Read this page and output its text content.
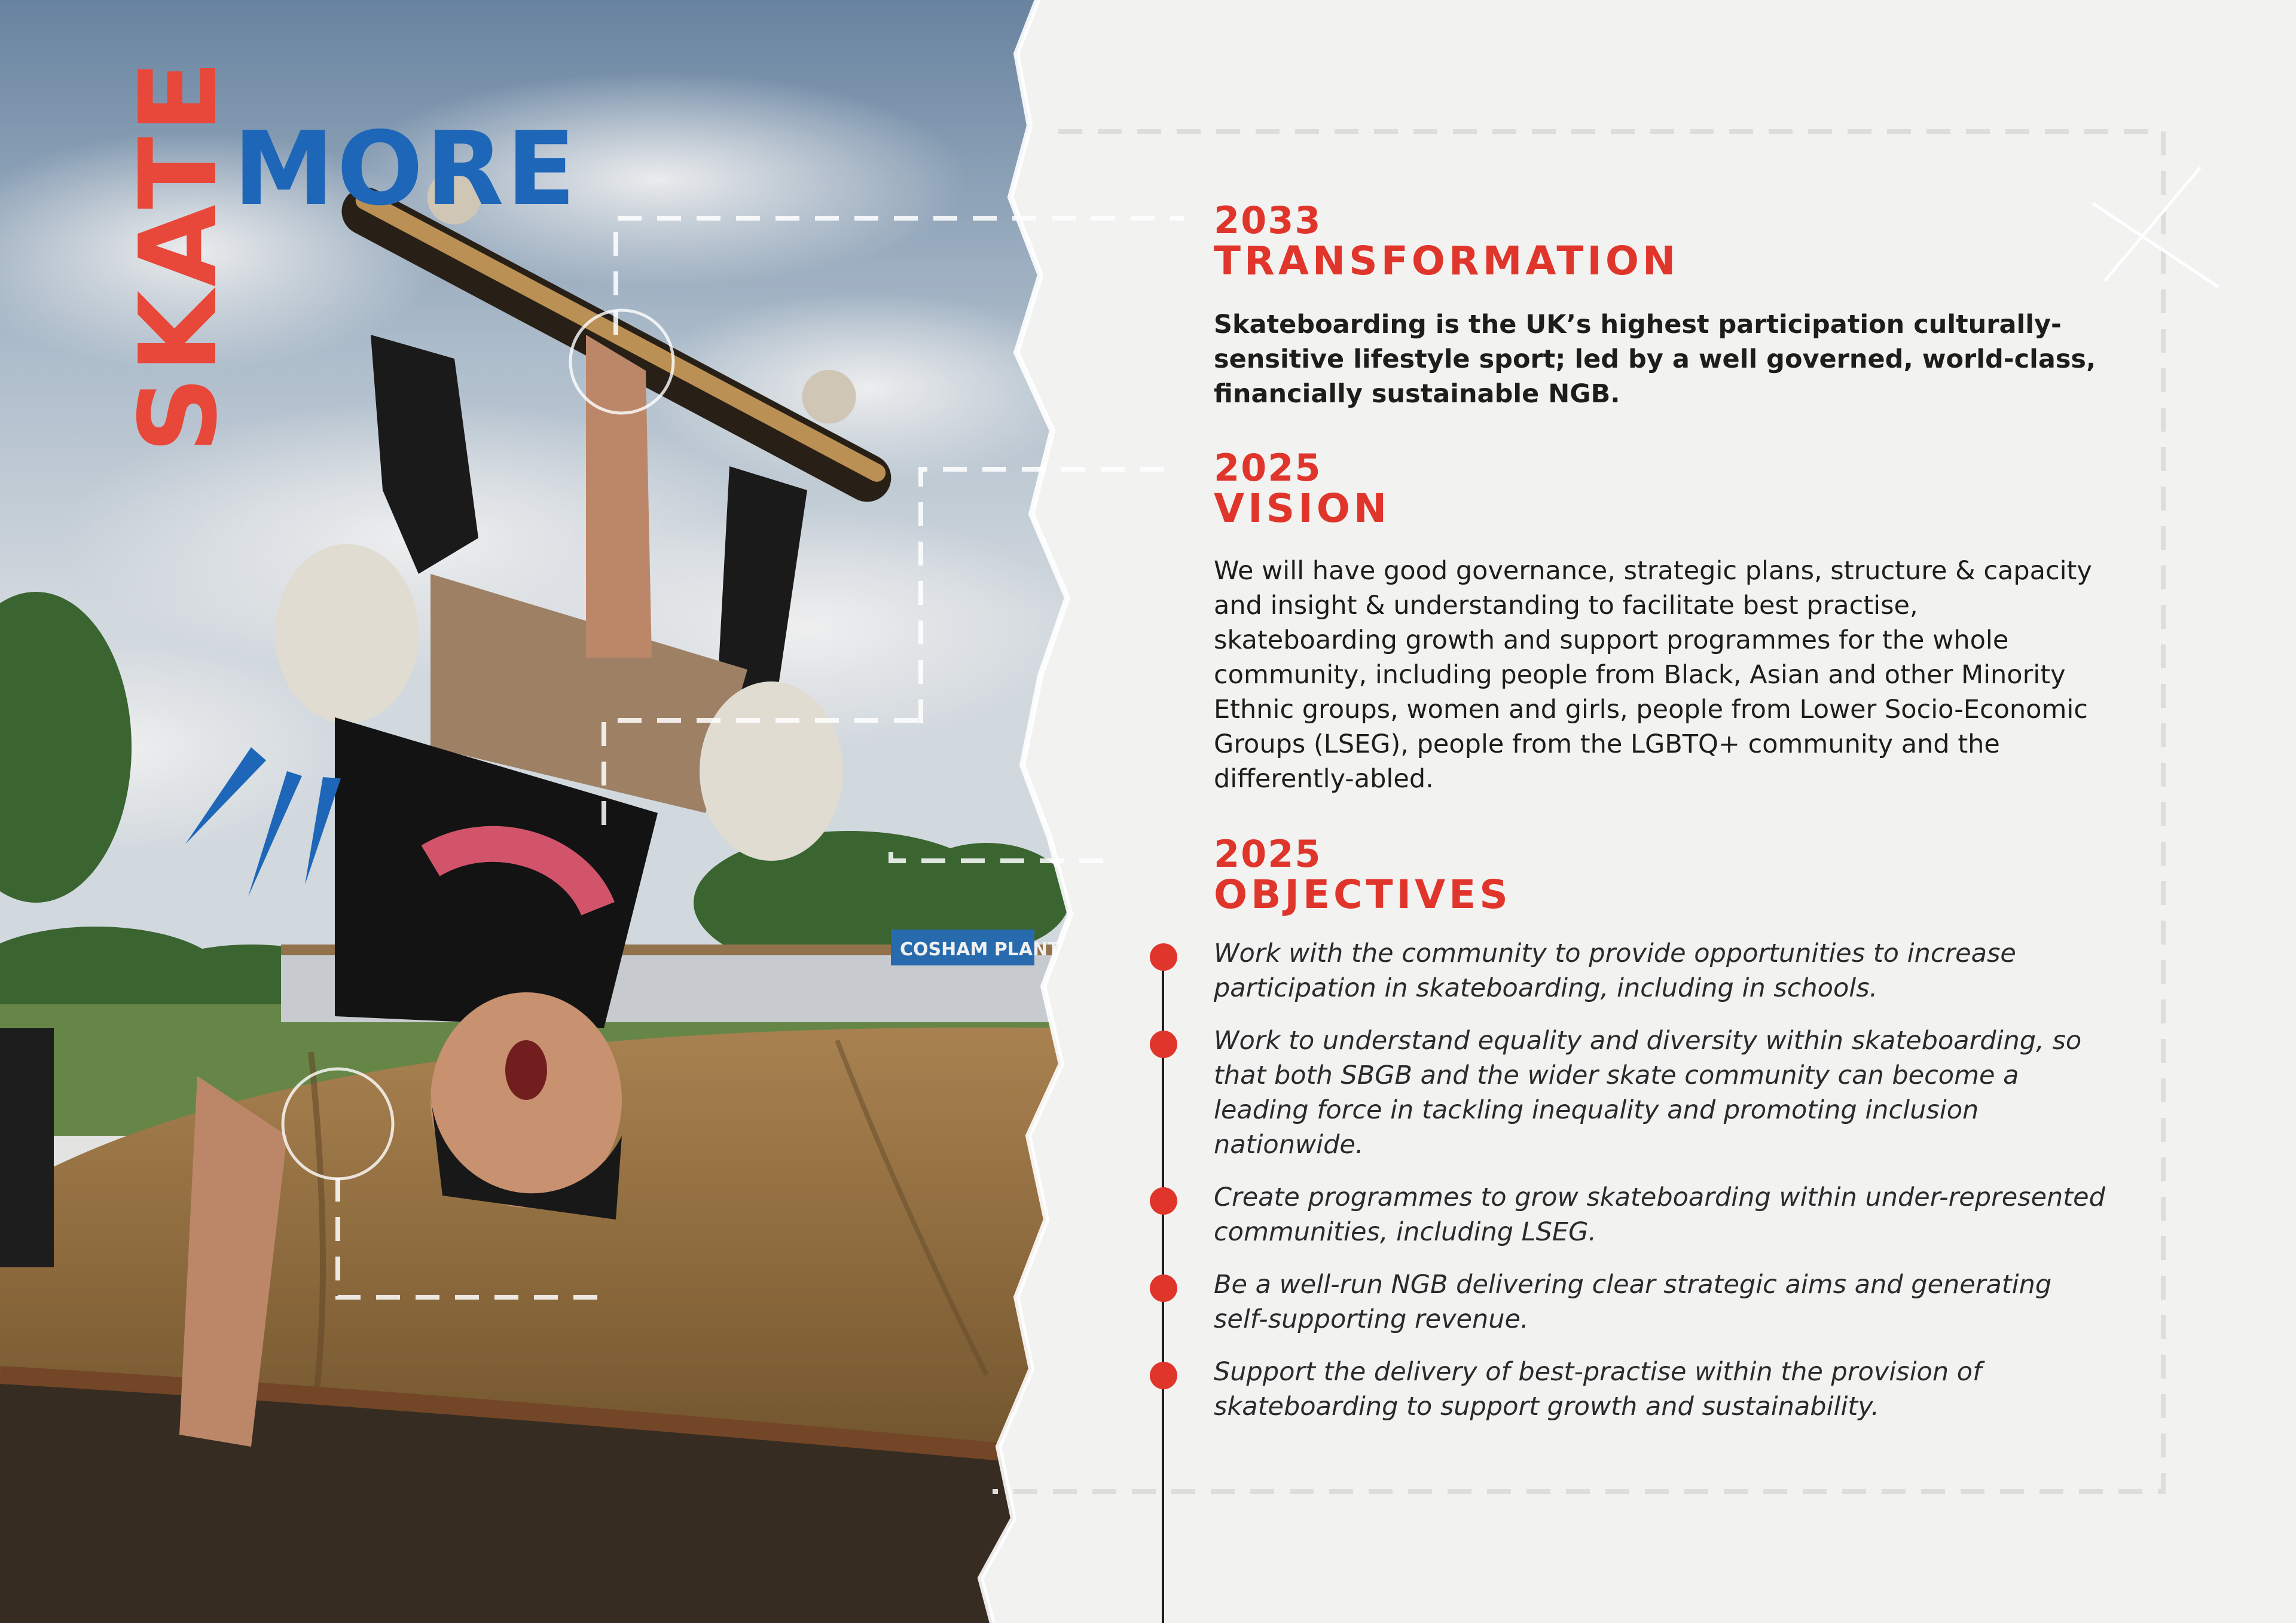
COSHAM PLANT
SKATE
MORE	2033
TRANSFORMATION

Skateboarding is the UK’s highest participation culturally-sensitive lifestyle sport; led by a well governed, world-class, financially sustainable NGB.

2025
VISION

We will have good governance, strategic plans, structure & capacity and insight & understanding to facilitate best practise, skateboarding growth and support programmes for the whole community, including people from Black, Asian and other Minority Ethnic groups, women and girls, people from Lower Socio-Economic Groups (LSEG), people from the LGBTQ+ community and the differently-abled.

2025
OBJECTIVES
Work with the community to provide opportunities to increase participation in skateboarding, including in schools.
Work to understand equality and diversity within skateboarding, so that both SBGB and the wider skate community can become a leading force in tackling inequality and promoting inclusion nationwide.
Create programmes to grow skateboarding within under-represented communities, including LSEG.
Be a well-run NGB delivering clear strategic aims and generating self-supporting revenue.
Support the delivery of best-practise within the provision of skateboarding to support growth and sustainability.
